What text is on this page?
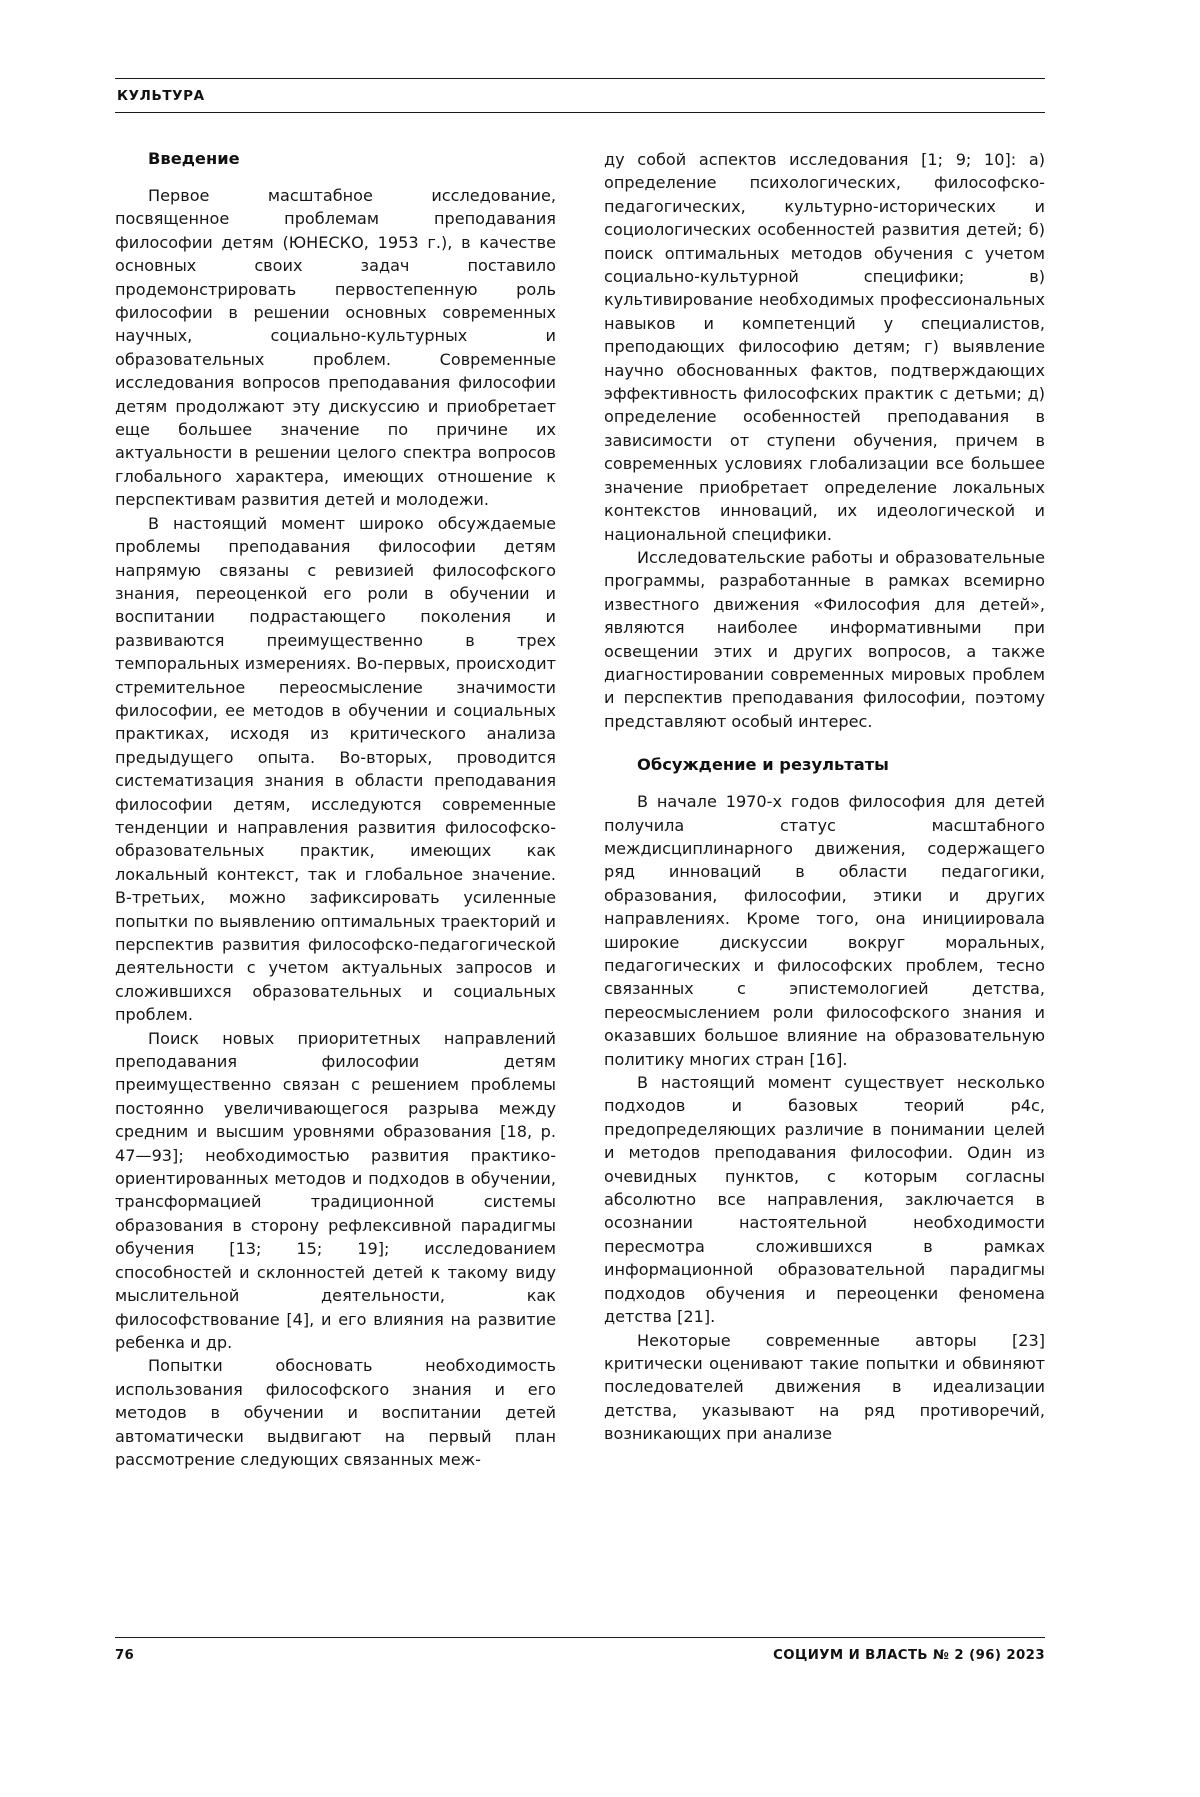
КУЛЬТУРА
Введение

Первое масштабное исследование, посвященное проблемам преподавания философии детям (ЮНЕСКО, 1953 г.), в качестве основных своих задач поставило продемонстрировать первостепенную роль философии в решении основных современных научных, социально-культурных и образовательных проблем. Современные исследования вопросов преподавания философии детям продолжают эту дискуссию и приобретает еще большее значение по причине их актуальности в решении целого спектра вопросов глобального характера, имеющих отношение к перспективам развития детей и молодежи.

В настоящий момент широко обсуждаемые проблемы преподавания философии детям напрямую связаны с ревизией философского знания, переоценкой его роли в обучении и воспитании подрастающего поколения и развиваются преимущественно в трех темпоральных измерениях. Во-первых, происходит стремительное переосмысление значимости философии, ее методов в обучении и социальных практиках, исходя из критического анализа предыдущего опыта. Во-вторых, проводится систематизация знания в области преподавания философии детям, исследуются современные тенденции и направления развития философско-образовательных практик, имеющих как локальный контекст, так и глобальное значение. В-третьих, можно зафиксировать усиленные попытки по выявлению оптимальных траекторий и перспектив развития философско-педагогической деятельности с учетом актуальных запросов и сложившихся образовательных и социальных проблем.

Поиск новых приоритетных направлений преподавания философии детям преимущественно связан с решением проблемы постоянно увеличивающегося разрыва между средним и высшим уровнями образования [18, p. 47—93]; необходимостью развития практико-ориентированных методов и подходов в обучении, трансформацией традиционной системы образования в сторону рефлексивной парадигмы обучения [13; 15; 19]; исследованием способностей и склонностей детей к такому виду мыслительной деятельности, как философствование [4], и его влияния на развитие ребенка и др.

Попытки обосновать необходимость использования философского знания и его методов в обучении и воспитании детей автоматически выдвигают на первый план рассмотрение следующих связанных меж-

ду собой аспектов исследования [1; 9; 10]: а) определение психологических, философско-педагогических, культурно-исторических и социологических особенностей развития детей; б) поиск оптимальных методов обучения с учетом социально-культурной специфики; в) культивирование необходимых профессиональных навыков и компетенций у специалистов, преподающих философию детям; г) выявление научно обоснованных фактов, подтверждающих эффективность философских практик с детьми; д) определение особенностей преподавания в зависимости от ступени обучения, причем в современных условиях глобализации все большее значение приобретает определение локальных контекстов инноваций, их идеологической и национальной специфики.

Исследовательские работы и образовательные программы, разработанные в рамках всемирно известного движения «Философия для детей», являются наиболее информативными при освещении этих и других вопросов, а также диагностировании современных мировых проблем и перспектив преподавания философии, поэтому представляют особый интерес.

Обсуждение и результаты

В начале 1970-х годов философия для детей получила статус масштабного междисциплинарного движения, содержащего ряд инноваций в области педагогики, образования, философии, этики и других направлениях. Кроме того, она инициировала широкие дискуссии вокруг моральных, педагогических и философских проблем, тесно связанных с эпистемологией детства, переосмыслением роли философского знания и оказавших большое влияние на образовательную политику многих стран [16].

В настоящий момент существует несколько подходов и базовых теорий p4c, предопределяющих различие в понимании целей и методов преподавания философии. Один из очевидных пунктов, с которым согласны абсолютно все направления, заключается в осознании настоятельной необходимости пересмотра сложившихся в рамках информационной образовательной парадигмы подходов обучения и переоценки феномена детства [21].

Некоторые современные авторы [23] критически оценивают такие попытки и обвиняют последователей движения в идеализации детства, указывают на ряд противоречий, возникающих при анализе

76	СОЦИУМ И ВЛАСТЬ № 2 (96) 2023
